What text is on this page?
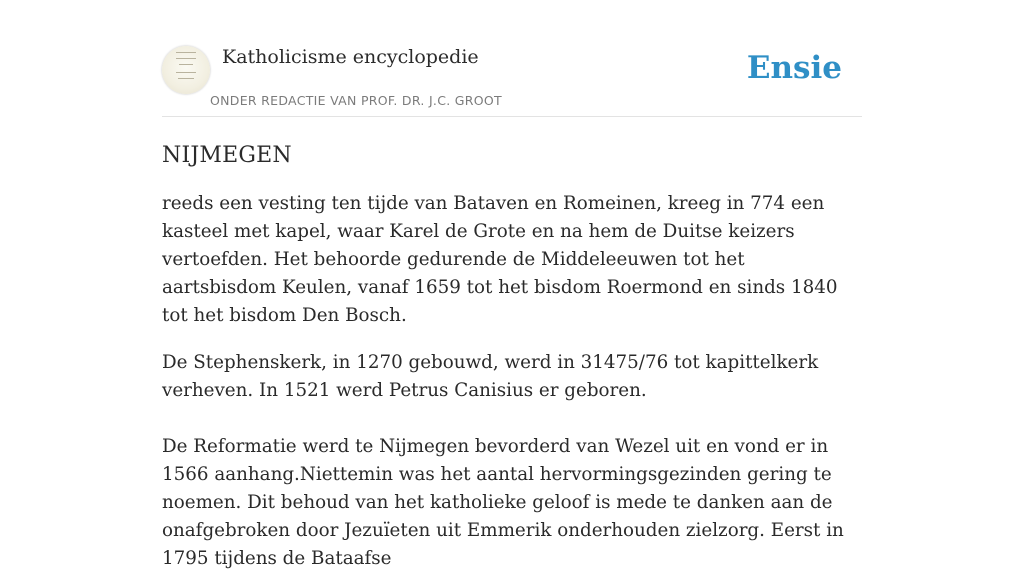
Katholicisme encyclopedie
ONDER REDACTIE VAN PROF. DR. J.C. GROOT
Ensie
NIJMEGEN

reeds een vesting ten tijde van Bataven en Romeinen, kreeg in 774 een kasteel met kapel, waar Karel de Grote en na hem de Duitse keizers vertoefden. Het behoorde gedurende de Middeleeuwen tot het aartsbisdom Keulen, vanaf 1659 tot het bisdom Roermond en sinds 1840 tot het bisdom Den Bosch.

De Stephenskerk, in 1270 gebouwd, werd in 31475/76 tot kapittelkerk verheven. In 1521 werd Petrus Canisius er geboren.

De Reformatie werd te Nijmegen bevorderd van Wezel uit en vond er in 1566 aanhang.Niettemin was het aantal hervormingsgezinden gering te noemen. Dit behoud van het katholieke geloof is mede te danken aan de onafgebroken door Jezuïeten uit Emmerik onderhouden zielzorg. Eerst in 1795 tijdens de Bataafse
